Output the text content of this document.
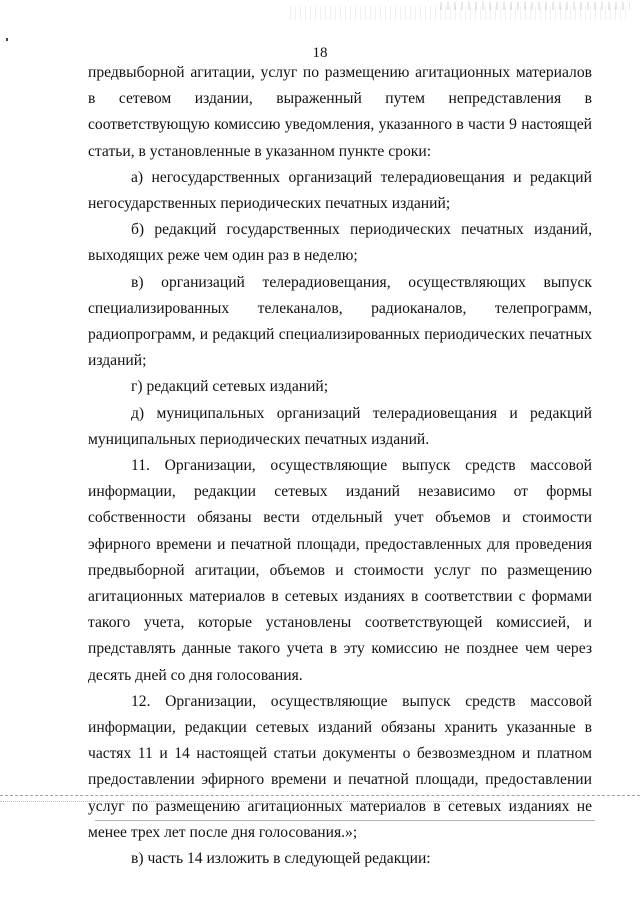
18

предвыборной агитации, услуг по размещению агитационных материалов в сетевом издании, выраженный путем непредставления в соответствующую комиссию уведомления, указанного в части 9 настоящей статьи, в установленные в указанном пункте сроки:

а) негосударственных организаций телерадиовещания и редакций негосударственных периодических печатных изданий;

б) редакций государственных периодических печатных изданий, выходящих реже чем один раз в неделю;

в) организаций телерадиовещания, осуществляющих выпуск специализированных телеканалов, радиоканалов, телепрограмм, радиопрограмм, и редакций специализированных периодических печатных изданий;

г) редакций сетевых изданий;

д) муниципальных организаций телерадиовещания и редакций муниципальных периодических печатных изданий.

11. Организации, осуществляющие выпуск средств массовой информации, редакции сетевых изданий независимо от формы собственности обязаны вести отдельный учет объемов и стоимости эфирного времени и печатной площади, предоставленных для проведения предвыборной агитации, объемов и стоимости услуг по размещению агитационных материалов в сетевых изданиях в соответствии с формами такого учета, которые установлены соответствующей комиссией, и представлять данные такого учета в эту комиссию не позднее чем через десять дней со дня голосования.

12. Организации, осуществляющие выпуск средств массовой информации, редакции сетевых изданий обязаны хранить указанные в частях 11 и 14 настоящей статьи документы о безвозмездном и платном предоставлении эфирного времени и печатной площади, предоставлении услуг по размещению агитационных материалов в сетевых изданиях не менее трех лет после дня голосования.»;

в) часть 14 изложить в следующей редакции:
